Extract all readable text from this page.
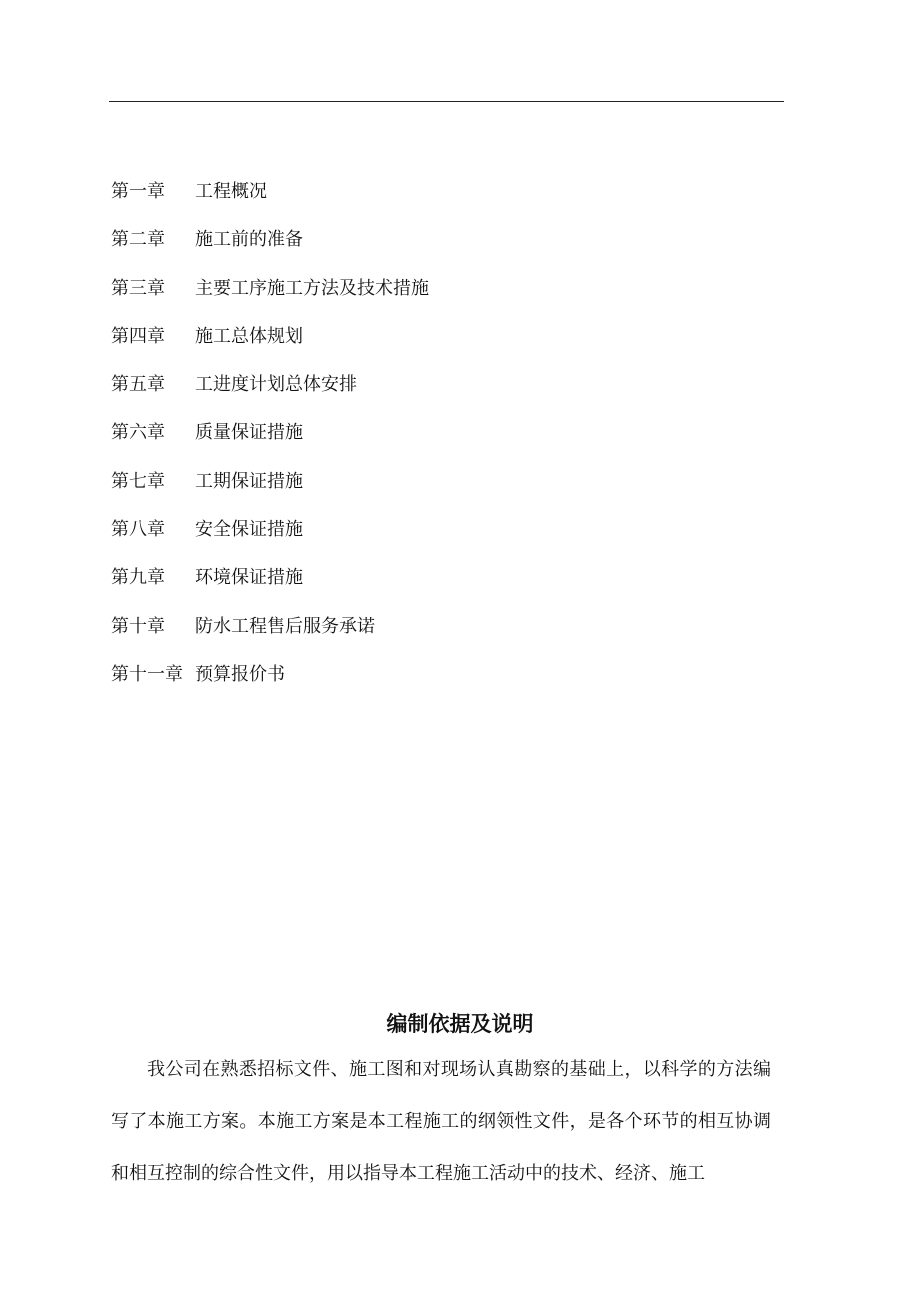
第一章 工程概况
第二章 施工前的准备
第三章 主要工序施工方法及技术措施
第四章 施工总体规划
第五章 工进度计划总体安排
第六章 质量保证措施
第七章 工期保证措施
第八章 安全保证措施
第九章 环境保证措施
第十章 防水工程售后服务承诺
第十一章 预算报价书
编制依据及说明

我公司在熟悉招标文件、施工图和对现场认真勘察的基础上，以科学的方法编写了本施工方案。本施工方案是本工程施工的纲领性文件，是各个环节的相互协调和相互控制的综合性文件，用以指导本工程施工活动中的技术、经济、施工
